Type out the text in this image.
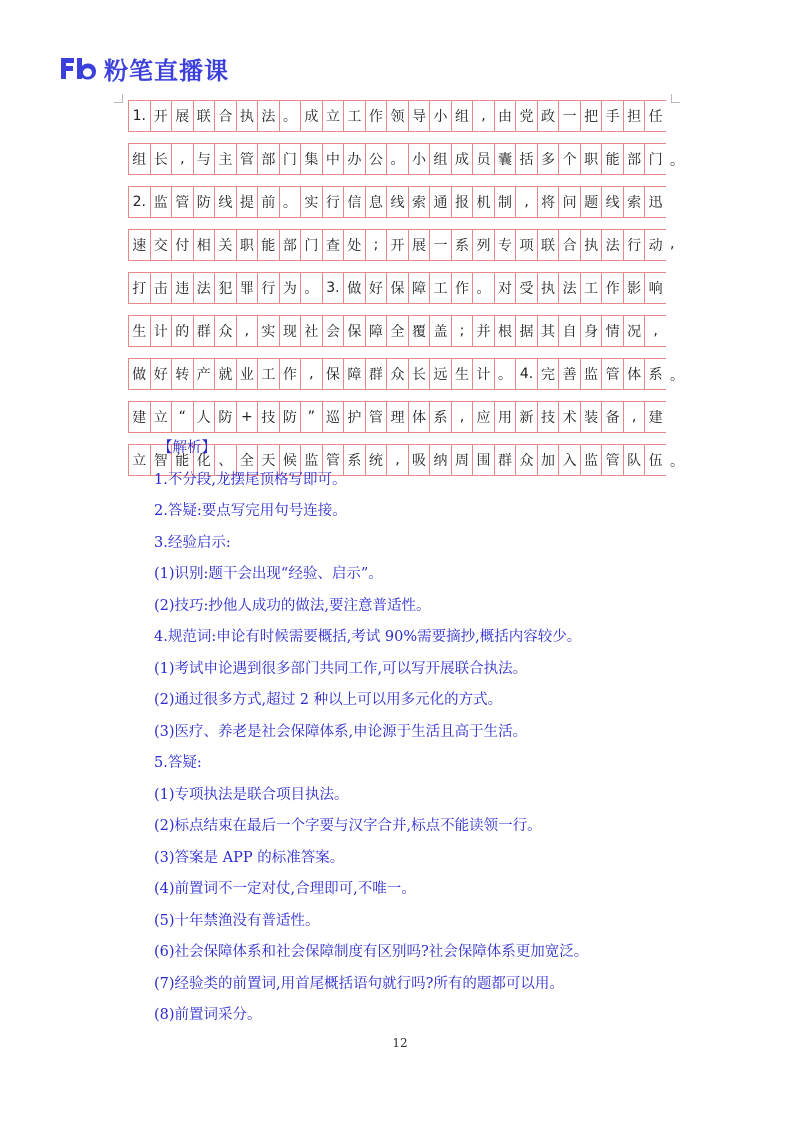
粉笔直播课
1. 开 展 联 合 执 法 。 成 立 工 作 领 导 小 组 , 由 党 政 一 把 手 担 任
组 长 , 与 主 管 部 门 集 中 办 公 。 小 组 成 员 囊 括 多 个 职 能 部 门 。
2. 监 管 防 线 提 前 。 实 行 信 息 线 索 通 报 机 制 , 将 问 题 线 索 迅
速 交 付 相 关 职 能 部 门 查 处 ; 开 展 一 系 列 专 项 联 合 执 法 行 动 ,
打 击 违 法 犯 罪 行 为 。 3. 做 好 保 障 工 作 。 对 受 执 法 工 作 影 响
生 计 的 群 众 , 实 现 社 会 保 障 全 覆 盖 ; 并 根 据 其 自 身 情 况 ,
做 好 转 产 就 业 工 作 , 保 障 群 众 长 远 生 计 。 4. 完 善 监 管 体 系 。
建 立 “ 人 防 + 技 防 ” 巡 护 管 理 体 系 , 应 用 新 技 术 装 备 , 建
立 智 能 化 、 全 天 候 监 管 系 统 , 吸 纳 周 围 群 众 加 入 监 管 队 伍 。
【解析】
1.不分段,龙摆尾顶格写即可。
2.答疑:要点写完用句号连接。
3.经验启示:
(1)识别:题干会出现“经验、启示”。
(2)技巧:抄他人成功的做法,要注意普适性。
4.规范词:申论有时候需要概括,考试 90%需要摘抄,概括内容较少。
(1)考试申论遇到很多部门共同工作,可以写开展联合执法。
(2)通过很多方式,超过 2 种以上可以用多元化的方式。
(3)医疗、养老是社会保障体系,申论源于生活且高于生活。
5.答疑:
(1)专项执法是联合项目执法。
(2)标点结束在最后一个字要与汉字合并,标点不能读领一行。
(3)答案是 APP 的标准答案。
(4)前置词不一定对仗,合理即可,不唯一。
(5)十年禁渔没有普适性。
(6)社会保障体系和社会保障制度有区别吗?社会保障体系更加宽泛。
(7)经验类的前置词,用首尾概括语句就行吗?所有的题都可以用。
(8)前置词采分。
12
